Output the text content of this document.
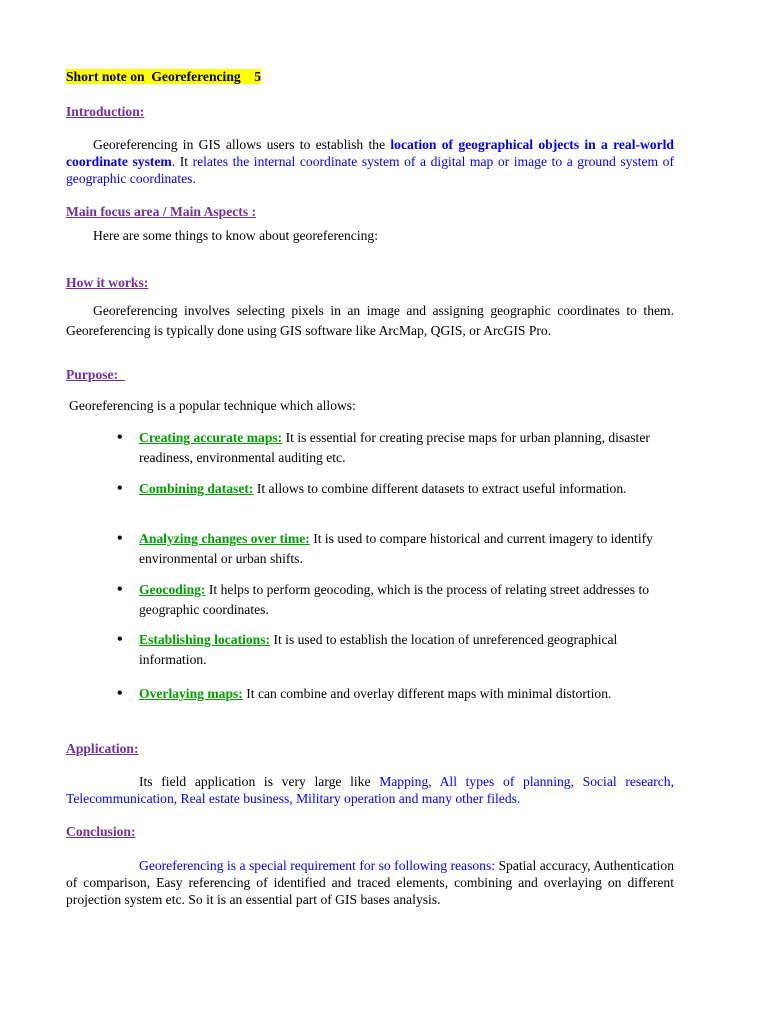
Short note on  Georeferencing    5

Introduction:

Georeferencing in GIS allows users to establish the location of geographical objects in a real-world coordinate system. It relates the internal coordinate system of a digital map or image to a ground system of geographic coordinates.

Main focus area / Main Aspects :

Here are some things to know about georeferencing:

How it works:

Georeferencing involves selecting pixels in an image and assigning geographic coordinates to them. Georeferencing is typically done using GIS software like ArcMap, QGIS, or ArcGIS Pro.

Purpose:

Georeferencing is a popular technique which allows:

• Creating accurate maps: It is essential for creating precise maps for urban planning, disaster readiness, environmental auditing etc.
• Combining dataset: It allows to combine different datasets to extract useful information.
• Analyzing changes over time: It is used to compare historical and current imagery to identify environmental or urban shifts.
• Geocoding: It helps to perform geocoding, which is the process of relating street addresses to geographic coordinates.
• Establishing locations: It is used to establish the location of unreferenced geographical information.
• Overlaying maps: It can combine and overlay different maps with minimal distortion.

Application:

Its field application is very large like Mapping, All types of planning, Social research, Telecommunication, Real estate business, Military operation and many other fileds.

Conclusion:

Georeferencing is a special requirement for so following reasons: Spatial accuracy, Authentication of comparison, Easy referencing of identified and traced elements, combining and overlaying on different projection system etc. So it is an essential part of GIS bases analysis.
